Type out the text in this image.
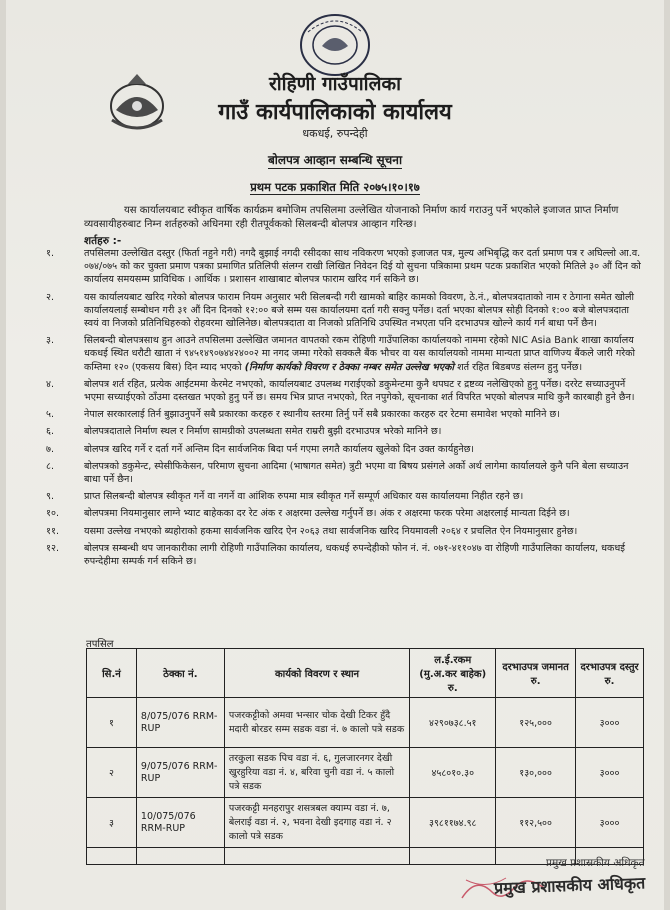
रोहिणी गाउँपालिका
गाउँ कार्यपालिकाको कार्यालय
धकधई, रुपन्देही
बोलपत्र आव्हान सम्बन्धि सूचना
प्रथम पटक प्रकाशित मिति २०७५।१०।१७
यस कार्यालयबाट स्वीकृत वार्षिक कार्यक्रम बमोजिम तपसिलमा उल्लेखित योजनाको निर्माण कार्य गराउनु पर्ने भएकोले इजाजत प्राप्त निर्माण व्यवसायीहरुबाट निम्न शर्तहरुको अधिनमा रही रीतपूर्वकको सिलबन्दी बोलपत्र आव्हान गरिन्छ।
शर्तहरु :-
१.	तपसिलमा उल्लेखित दस्तुर (फिर्ता नहुने गरी) नगदै बुझाई नगदी रसीदका साथ नविकरण भएको इजाजत पत्र, मुल्य अभिबृद्धि कर दर्ता प्रमाण पत्र र अघिल्लो आ.व. ०७४/०७५ को कर चुक्ता प्रमाण पत्रका प्रमाणित प्रतिलिपी संलग्न राखी लिखित निवेदन दिई यो सुचना पत्रिकामा प्रथम पटक प्रकाशित भएको मितिले ३० औं दिन को कार्यालय समयसम्म प्राविधिक । आर्थिक । प्रशासन शाखाबाट बोलपत्र फाराम खरिद गर्न सकिने छ।
२.	यस कार्यालयबाट खरिद गरेको बोलपत्र फाराम नियम अनुसार भरी सिलबन्दी गरी खामको बाहिर कामको विवरण, ठे.नं., बोलपत्रदाताको नाम र ठेगाना समेत खोली कार्यालयलाई सम्बोधन गरी ३१ औं दिन दिनको १२:०० बजे सम्म यस कार्यालयमा दर्ता गरी सक्नु पर्नेछ। दर्ता भएका बोलपत्र सोही दिनको १:०० बजे बोलपत्रदाता स्वयं वा निजको प्रतिनिधिहरुको रोहवरमा खोलिनेछ। बोलपत्रदाता वा निजको प्रतिनिधि उपस्थित नभएता पनि दरभाउपत्र खोल्ने कार्य गर्न बाधा पर्ने छैन।
३.	सिलबन्दी बोलपत्रसाथ हुन आउने तपसिलमा उल्लेखित जमानत वापतको रकम रोहिणी गाउँपालिका कार्यालयको नाममा रहेको NIC Asia Bank शाखा कार्यालय धकधई स्थित धरौटी खाता नं ९४५१४९०७४४२४००२ मा नगद जम्मा गरेको सक्कलै बैंक भौचर वा यस कार्यालयको नाममा मान्यता प्राप्त वाणिज्य बैंकले जारी गरेको कम्तिमा १२० (एकसय बिस) दिन म्याद भएको (निर्माण कार्यको विवरण र ठेक्का नम्बर समेत उल्लेख भएको शर्त रहित बिडबण्ड संलग्न हुनु पर्नेछ।
४.	बोलपत्र शर्त रहित, प्रत्येक आईटममा केरमेट नभएको, कार्यालयबाट उपलब्ध गराईएको डकुमेन्टमा कुनै थपघट र द्रष्टव्य नलेखिएको हुनु पर्नेछ। दररेट सच्याउनुपर्ने भएमा सच्याईएको ठाँउमा दस्तखत भएको हुनु पर्ने छ। समय भित्र प्राप्त नभएको, रित नपुगेको, सूचनाका शर्त विपरित भएको बोलपत्र माथि कुनै कारबाही हुने छैन।
५.	नेपाल सरकारलाई तिर्न बुझाउनुपर्ने सबै प्रकारका करहरु र स्थानीय स्तरमा तिर्नु पर्ने सबै प्रकारका करहरु दर रेटमा समावेश भएको मानिने छ।
६.	बोलपत्रदाताले निर्माण स्थल र निर्माण सामग्रीको उपलब्धता समेत राम्ररी बुझी दरभाउपत्र भरेको मानिने छ।
७.	बोलपत्र खरिद गर्ने र दर्ता गर्ने अन्तिम दिन सार्वजनिक बिदा पर्न गएमा लगतै कार्यालय खुलेको दिन उक्त कार्यहुनेछ।
८.	बोलपत्रको डकुमेन्ट, स्पेसीफिकेसन, परिमाण सुचना आदिमा (भाषागत समेत) त्रुटी भएमा वा बिषय प्रसंगले अर्को अर्थ लागेमा कार्यालयले कुनै पनि बेला सच्याउन बाधा पर्ने छैन।
९.	प्राप्त सिलबन्दी बोलपत्र स्वीकृत गर्ने वा नगर्ने वा आंशिक रुपमा मात्र स्वीकृत गर्ने सम्पूर्ण अधिकार यस कार्यालयमा निहीत रहने छ।
१०.	बोलपत्रमा नियमानुसार लाग्ने भ्याट बाहेकका दर रेट अंक र अक्षरमा उल्लेख गर्नुपर्ने छ। अंक र अक्षरमा फरक परेमा अक्षरलाई मान्यता दिईने छ।
११.	यसमा उल्लेख नभएको ब्यहोराको हकमा सार्वजनिक खरिद ऐन २०६३ तथा सार्वजनिक खरिद नियमावली २०६४ र प्रचलित ऐन नियमानुसार हुनेछ।
१२.	बोलपत्र सम्बन्धी थप जानकारीका लागी रोहिणी गाउँपालिका कार्यालय, धकधई रुपन्देहीको फोन नं. नं. ०७१-४११०४७ वा रोहिणी गाउँपालिका कार्यालय, धकधई रुपन्देहीमा सम्पर्क गर्न सकिने छ।
तपसिल
सि.नं	ठेक्का नं.	कार्यको विवरण र स्थान	ल.ई.रकम (मु.अ.कर बाहेक) रु.	दरभाउपत्र जमानत रु.	दरभाउपत्र दस्तुर रु.
१	8/075/076 RRM-RUP	पजरकट्टीको अमवा भन्सार चोक देखी टिकर हुँदै मदारी बोरडर सम्म सडक वडा नं. ७ कालो पत्रे सडक	४२९०७३८.५१	१२५,०००	३०००
२	9/075/076 RRM-RUP	तरकुला सडक पिच वडा नं. ६, गुलजारनगर देखी खुरहुरिया वडा नं. ४, बरिवा चुनी वडा नं. ५ कालो पत्रे सडक	४५८०१०.३०	१३०,०००	३०००
३	10/075/076 RRM-RUP	पजरकट्टी मनहरापुर शसत्रबल क्याम्प वडा नं. ७, बेलराई वडा नं. २, भवना देखी इदगाह वडा नं. २ कालो पत्रे सडक	३९८११७४.९८	११२,५००	३०००

प्रमुख प्रशासकीय अधिकृत
प्रमुख प्रशासकीय अधिकृत
